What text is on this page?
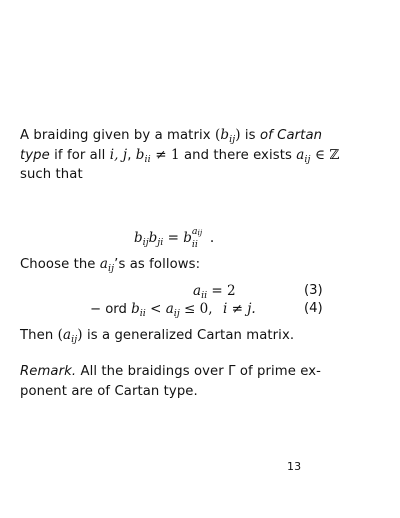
A braiding given by a matrix $(b_{ij})$ is of Cartan
type if for all i, j, $b_{ii} \ne 1$ and there exists $a_{ij}$ ∈ ℤ
such that
$b_{ij}b_{ji} = b$ aij
ii .
Choose the $a_{ij}’s$ as follows:
$a_{ii} = 2$	(3)
− ord $b_{ii} < a_{ij} \le 0$, i ≠ j.	(4)
Then $(a_{ij})$ is a generalized Cartan matrix.
Remark. All the braidings over Γ of prime ex-
ponent are of Cartan type.
13
